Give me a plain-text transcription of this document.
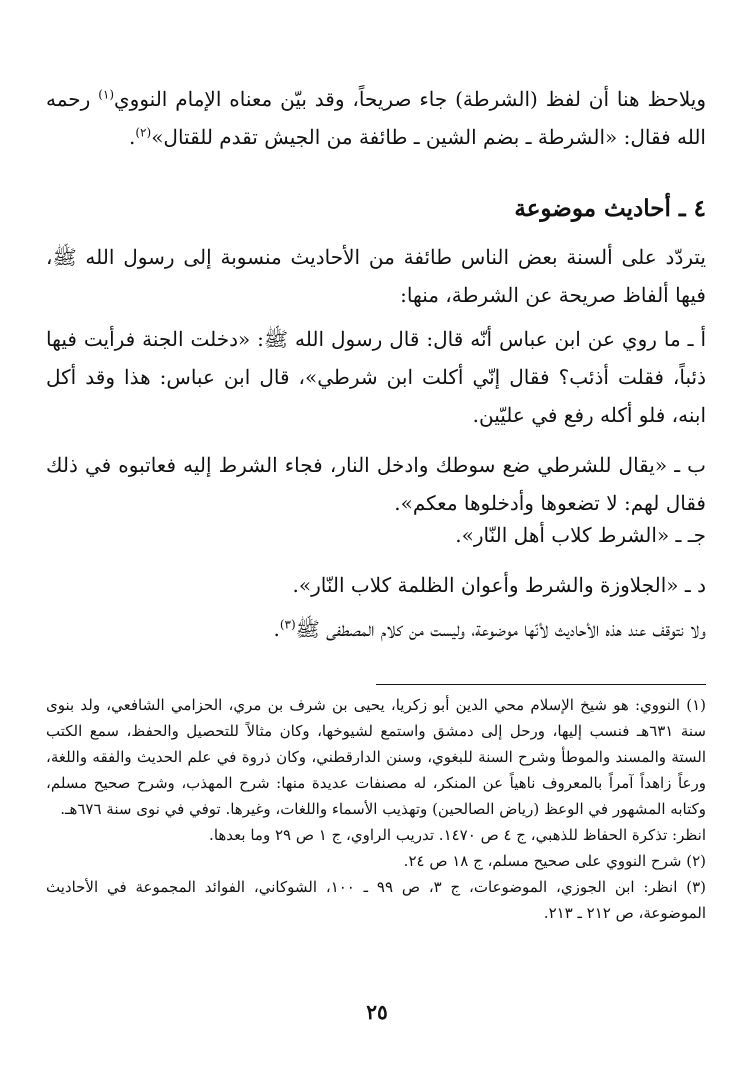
ويلاحظ هنا أن لفظ (الشرطة) جاء صريحاً، وقد بيّن معناه الإمام النووي$^{(١)}$ رحمه الله فقال: «الشرطة ـ بضم الشين ـ طائفة من الجيش تقدم للقتال»$^{(٢)}$.

٤ ـ أحاديث موضوعة

يتردّد على ألسنة بعض الناس طائفة من الأحاديث منسوبة إلى رسول الله ﷺ، فيها ألفاظ صريحة عن الشرطة، منها:

أ ـ ما روي عن ابن عباس أنّه قال: قال رسول الله ﷺ: «دخلت الجنة فرأيت فيها ذئباً، فقلت أذئب؟ فقال إنّي أكلت ابن شرطي»، قال ابن عباس: هذا وقد أكل ابنه، فلو أكله رفع في عليّين.

ب ـ «يقال للشرطي ضع سوطك وادخل النار، فجاء الشرط إليه فعاتبوه في ذلك فقال لهم: لا تضعوها وأدخلوها معكم».

جـ ـ «الشرط كلاب أهل النّار».

د ـ «الجلاوزة والشرط وأعوان الظلمة كلاب النّار».

ولا نتوقف عند هذه الأحاديث لأنّها موضوعة، وليست من كلام المصطفى ﷺ$^{(٣)}$.

(١) النووي: هو شيخ الإسلام محي الدين أبو زكريا، يحيى بن شرف بن مري، الحزامي الشافعي، ولد بنوى سنة ٦٣١هـ فنسب إليها، ورحل إلى دمشق واستمع لشيوخها، وكان مثالاً للتحصيل والحفظ، سمع الكتب الستة والمسند والموطأ وشرح السنة للبغوي، وسنن الدارقطني، وكان ذروة في علم الحديث والفقه واللغة، ورعاً زاهداً آمراً بالمعروف ناهياً عن المنكر، له مصنفات عديدة منها: شرح المهذب، وشرح صحيح مسلم، وكتابه المشهور في الوعظ (رياض الصالحين) وتهذيب الأسماء واللغات، وغيرها. توفي في نوى سنة ٦٧٦هـ.

انظر: تذكرة الحفاظ للذهبي، ج ٤ ص ١٤٧٠. تدريب الراوي، ج ١ ص ٢٩ وما بعدها.

(٢) شرح النووي على صحيح مسلم، ج ١٨ ص ٢٤.

(٣) انظر: ابن الجوزي، الموضوعات، ج ٣، ص ٩٩ ـ ١٠٠، الشوكاني، الفوائد المجموعة في الأحاديث الموضوعة، ص ٢١٢ ـ ٢١٣.

٢٥
